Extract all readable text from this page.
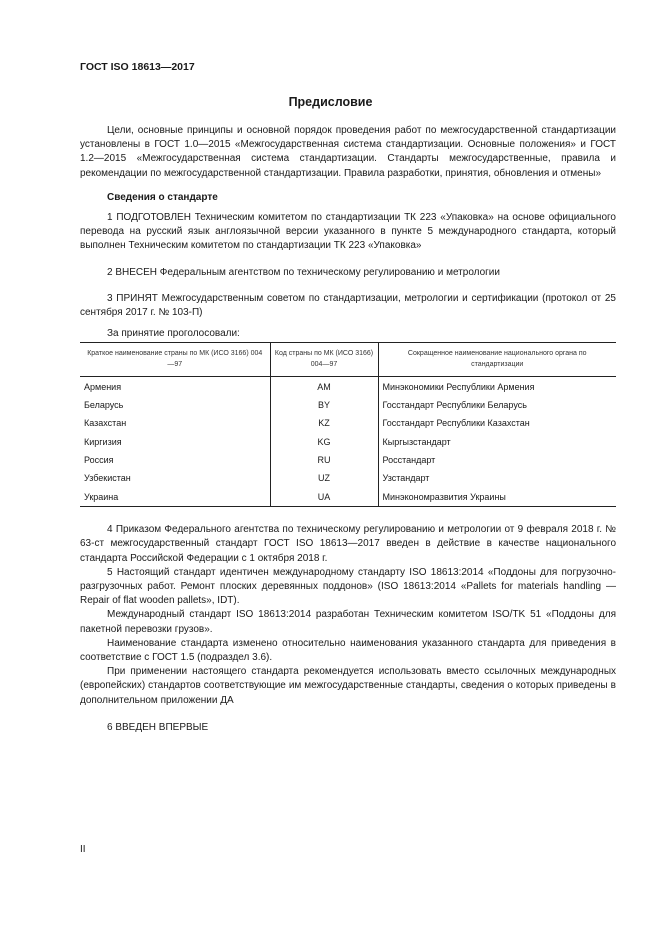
ГОСТ ISO 18613—2017
Предисловие

Цели, основные принципы и основной порядок проведения работ по межгосударственной стандартизации установлены в ГОСТ 1.0—2015 «Межгосударственная система стандартизации. Основные положения» и ГОСТ 1.2—2015 «Межгосударственная система стандартизации. Стандарты межгосударственные, правила и рекомендации по межгосударственной стандартизации. Правила разработки, принятия, обновления и отмены»

Сведения о стандарте

1 ПОДГОТОВЛЕН Техническим комитетом по стандартизации ТК 223 «Упаковка» на основе официального перевода на русский язык англоязычной версии указанного в пункте 5 международного стандарта, который выполнен Техническим комитетом по стандартизации ТК 223 «Упаковка»

2 ВНЕСЕН Федеральным агентством по техническому регулированию и метрологии

3 ПРИНЯТ Межгосударственным советом по стандартизации, метрологии и сертификации (протокол от 25 сентября 2017 г. № 103-П)

За принятие проголосовали:

Краткое наименование страны по МК (ИСО 3166) 004—97	Код страны по МК (ИСО 3166) 004—97	Сокращенное наименование национального органа по стандартизации
Армения	AM	Минэкономики Республики Армения
Беларусь	BY	Госстандарт Республики Беларусь
Казахстан	KZ	Госстандарт Республики Казахстан
Киргизия	KG	Кыргызстандарт
Россия	RU	Росстандарт
Узбекистан	UZ	Узстандарт
Украина	UA	Минэкономразвития Украины

4 Приказом Федерального агентства по техническому регулированию и метрологии от 9 февраля 2018 г. № 63-ст межгосударственный стандарт ГОСТ ISO 18613—2017 введен в действие в качестве национального стандарта Российской Федерации с 1 октября 2018 г.

5 Настоящий стандарт идентичен международному стандарту ISO 18613:2014 «Поддоны для погрузочно-разгрузочных работ. Ремонт плоских деревянных поддонов» (ISO 18613:2014 «Pallets for materials handling — Repair of flat wooden pallets», IDT).

Международный стандарт ISO 18613:2014 разработан Техническим комитетом ISO/TK 51 «Поддоны для пакетной перевозки грузов».

Наименование стандарта изменено относительно наименования указанного стандарта для приведения в соответствие с ГОСТ 1.5 (подраздел 3.6).

При применении настоящего стандарта рекомендуется использовать вместо ссылочных международных (европейских) стандартов соответствующие им межгосударственные стандарты, сведения о которых приведены в дополнительном приложении ДА

6 ВВЕДЕН ВПЕРВЫЕ

II
